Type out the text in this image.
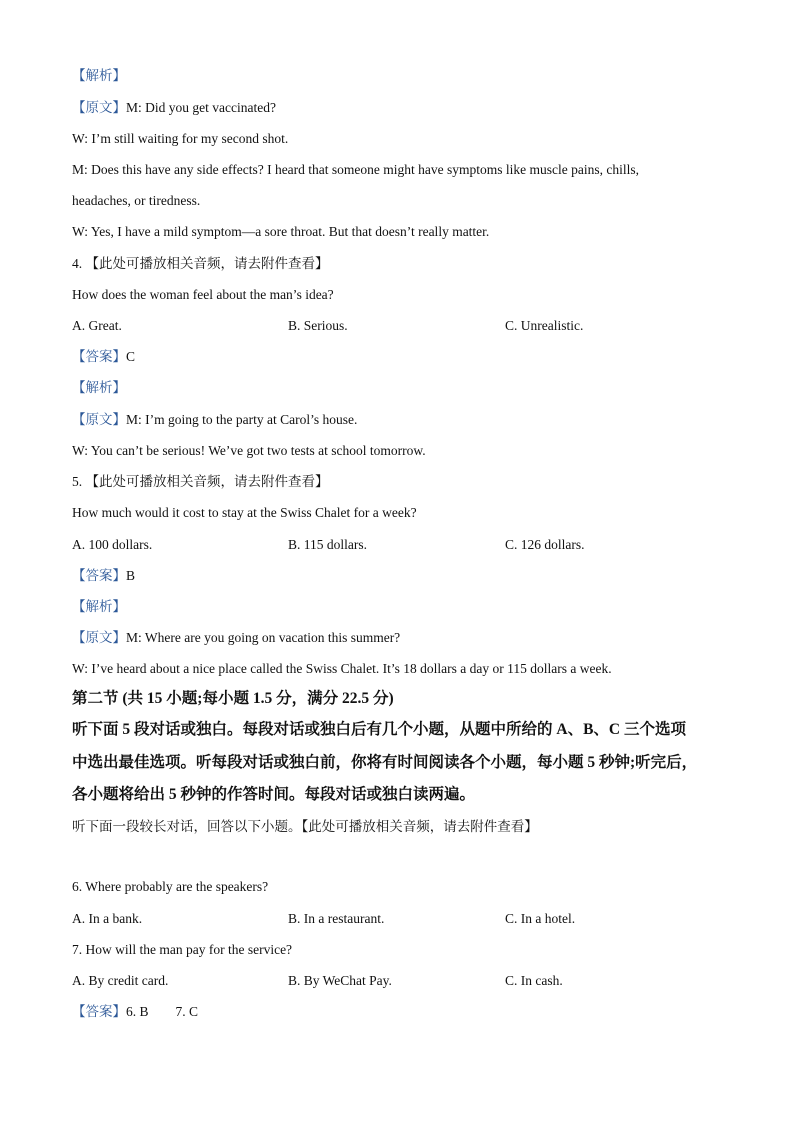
【解析】
【原文】M: Did you get vaccinated?
W: I’m still waiting for my second shot.
M: Does this have any side effects? I heard that someone might have symptoms like muscle pains, chills,
headaches, or tiredness.
W: Yes, I have a mild symptom—a sore throat. But that doesn’t really matter.
4. 【此处可播放相关音频，请去附件查看】
How does the woman feel about the man’s idea?
A. Great.	B. Serious.	C. Unrealistic.
【答案】C
【解析】
【原文】M: I’m going to the party at Carol’s house.
W: You can’t be serious! We’ve got two tests at school tomorrow.
5. 【此处可播放相关音频，请去附件查看】
How much would it cost to stay at the Swiss Chalet for a week?
A. 100 dollars.	B. 115 dollars.	C. 126 dollars.
【答案】B
【解析】
【原文】M: Where are you going on vacation this summer?
W: I’ve heard about a nice place called the Swiss Chalet. It’s 18 dollars a day or 115 dollars a week.
第二节 (共 15 小题;每小题 1.5 分，满分 22.5 分)
听下面 5 段对话或独白。每段对话或独白后有几个小题，从题中所给的 A、B、C 三个选项
中选出最佳选项。听每段对话或独白前，你将有时间阅读各个小题，每小题 5 秒钟;听完后，
各小题将给出 5 秒钟的作答时间。每段对话或独白读两遍。
听下面一段较长对话，回答以下小题。【此处可播放相关音频，请去附件查看】
6. Where probably are the speakers?
A. In a bank.	B. In a restaurant.	C. In a hotel.
7. How will the man pay for the service?
A. By credit card.	B. By WeChat Pay.	C. In cash.
【答案】6. B        7. C
